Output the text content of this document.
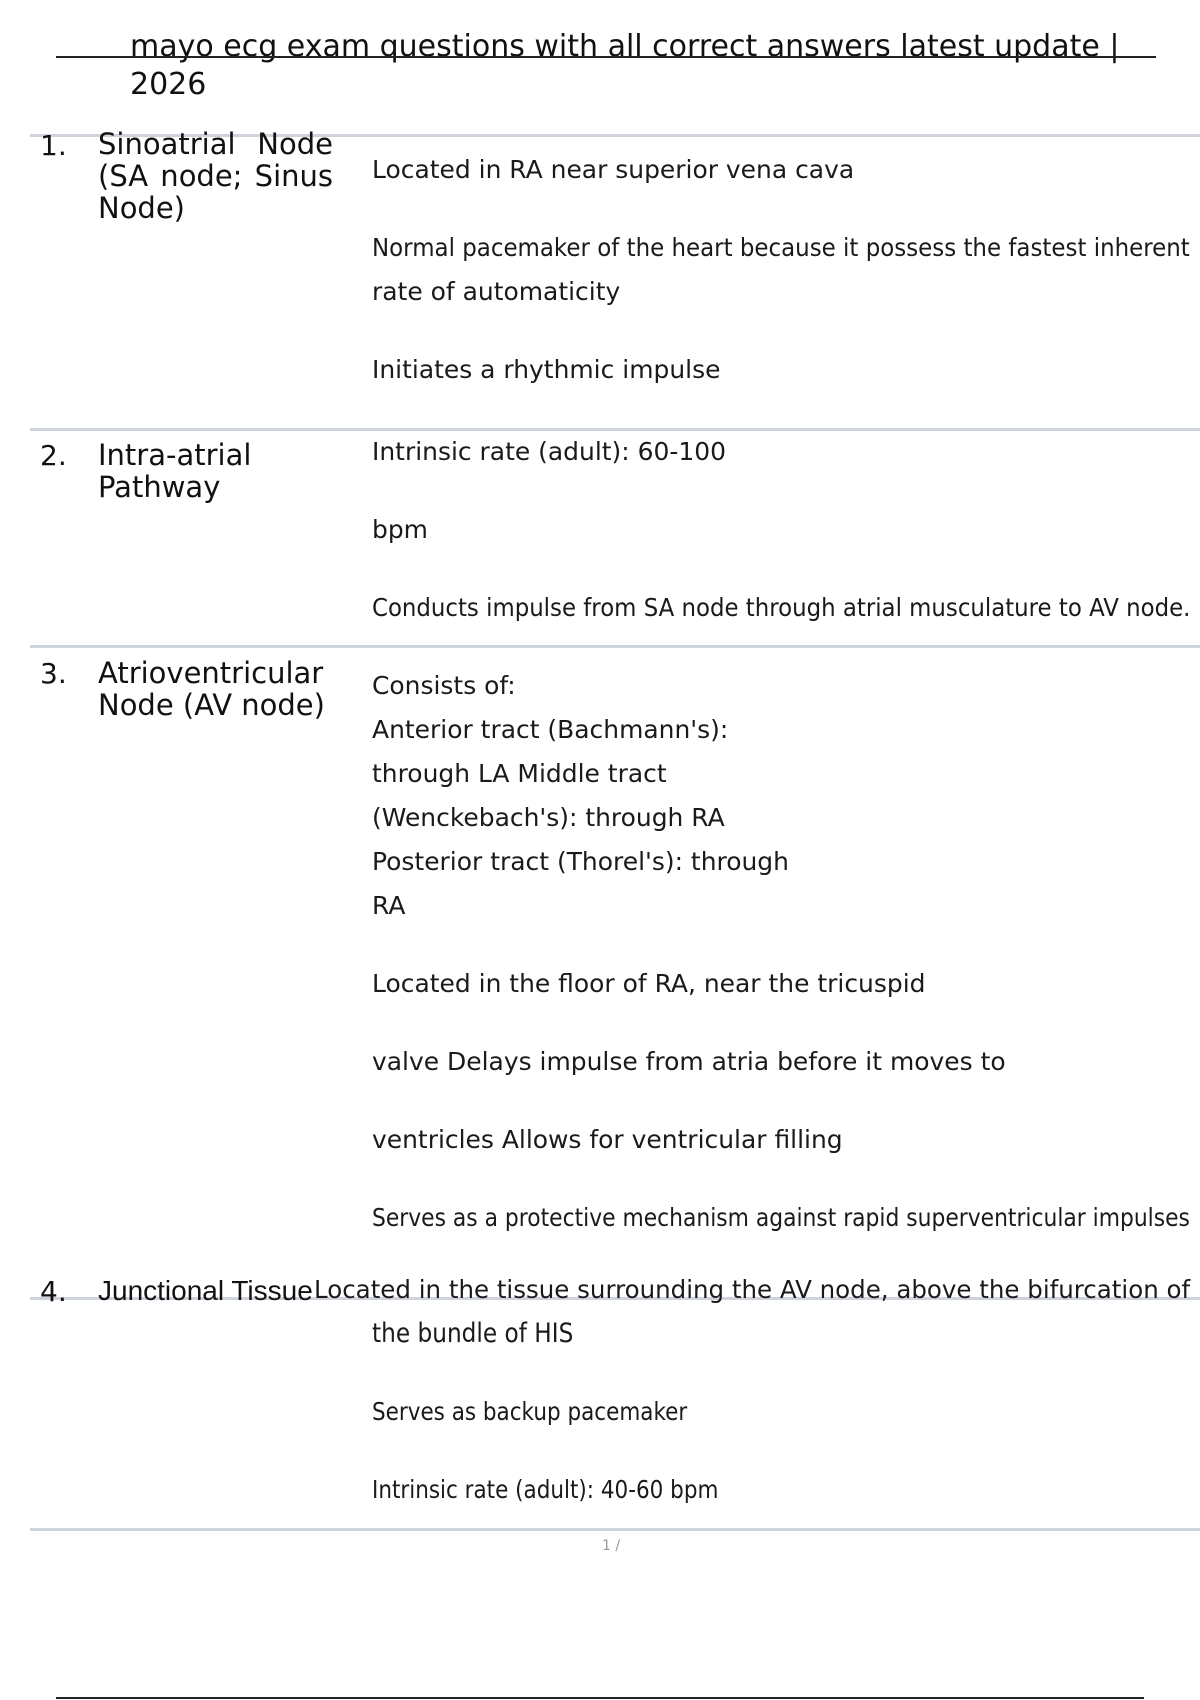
mayo ecg exam questions with all correct answers latest update | 2026
1. Sinoatrial Node (SA node; Sinus Node)

Located in RA near superior vena cava

Normal pacemaker of the heart because it possess the fastest inherent

rate of automaticity

Initiates a rhythmic impulse

2. Intra-atrial Pathway

Intrinsic rate (adult): 60-100

bpm

Conducts impulse from SA node through atrial musculature to AV node.

3. Atrioventricular Node (AV node)

Consists of:

Anterior tract (Bachmann's):

through LA Middle tract

(Wenckebach's): through RA

Posterior tract (Thorel's): through

RA

Located in the floor of RA, near the tricuspid

valve Delays impulse from atria before it moves to

ventricles Allows for ventricular filling

Serves as a protective mechanism against rapid superventricular impulses

4. Junctional Tissue Located in the tissue surrounding the AV node, above the bifurcation of

the bundle of HIS

Serves as backup pacemaker

Intrinsic rate (adult): 40-60 bpm

1 /
